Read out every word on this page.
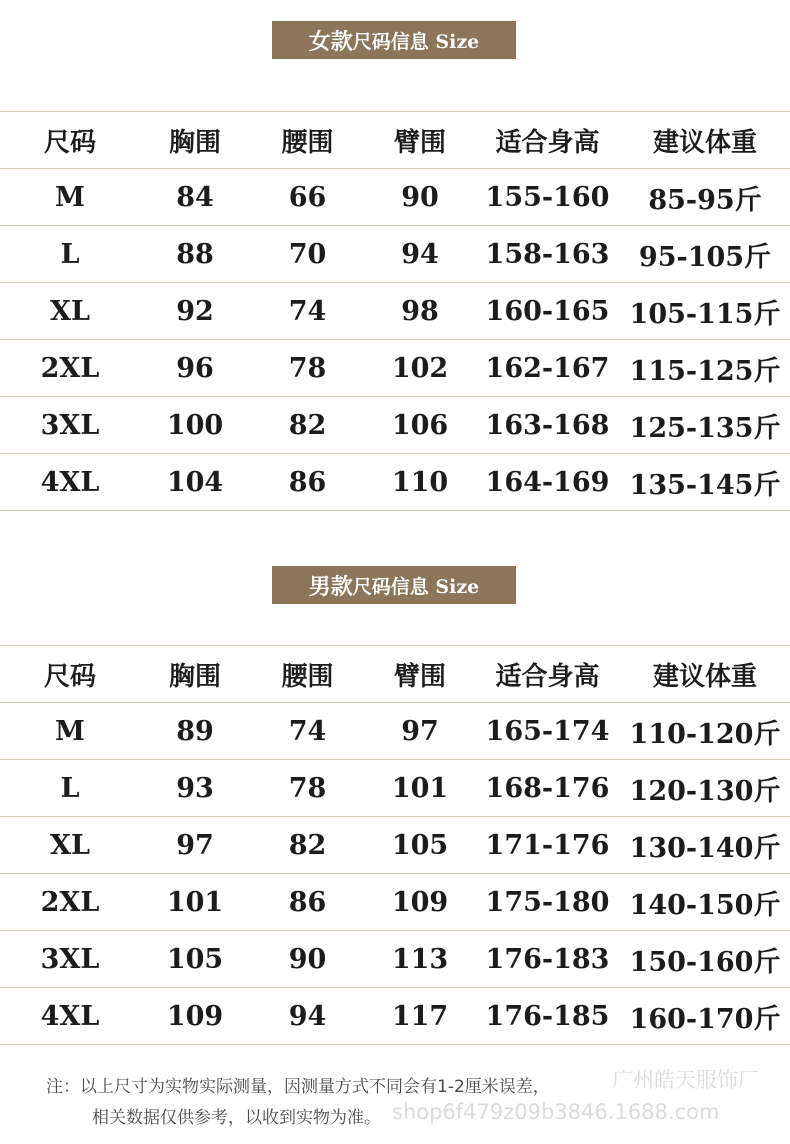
女款 尺码信息 Size
尺码	胸围	腰围	臂围	适合身高	建议体重
M	84	66	90	155-160	85-95斤
L	88	70	94	158-163	95-105斤
XL	92	74	98	160-165	105-115斤
2XL	96	78	102	162-167	115-125斤
3XL	100	82	106	163-168	125-135斤
4XL	104	86	110	164-169	135-145斤
男款 尺码信息 Size
尺码	胸围	腰围	臂围	适合身高	建议体重
M	89	74	97	165-174	110-120斤
L	93	78	101	168-176	120-130斤
XL	97	82	105	171-176	130-140斤
2XL	101	86	109	175-180	140-150斤
3XL	105	90	113	176-183	150-160斤
4XL	109	94	117	176-185	160-170斤
注：以上尺寸为实物实际测量，因测量方式不同会有1-2厘米误差，
相关数据仅供参考，以收到实物为准。
广州皓天服饰厂
shop6f479z09b3846.1688.com
